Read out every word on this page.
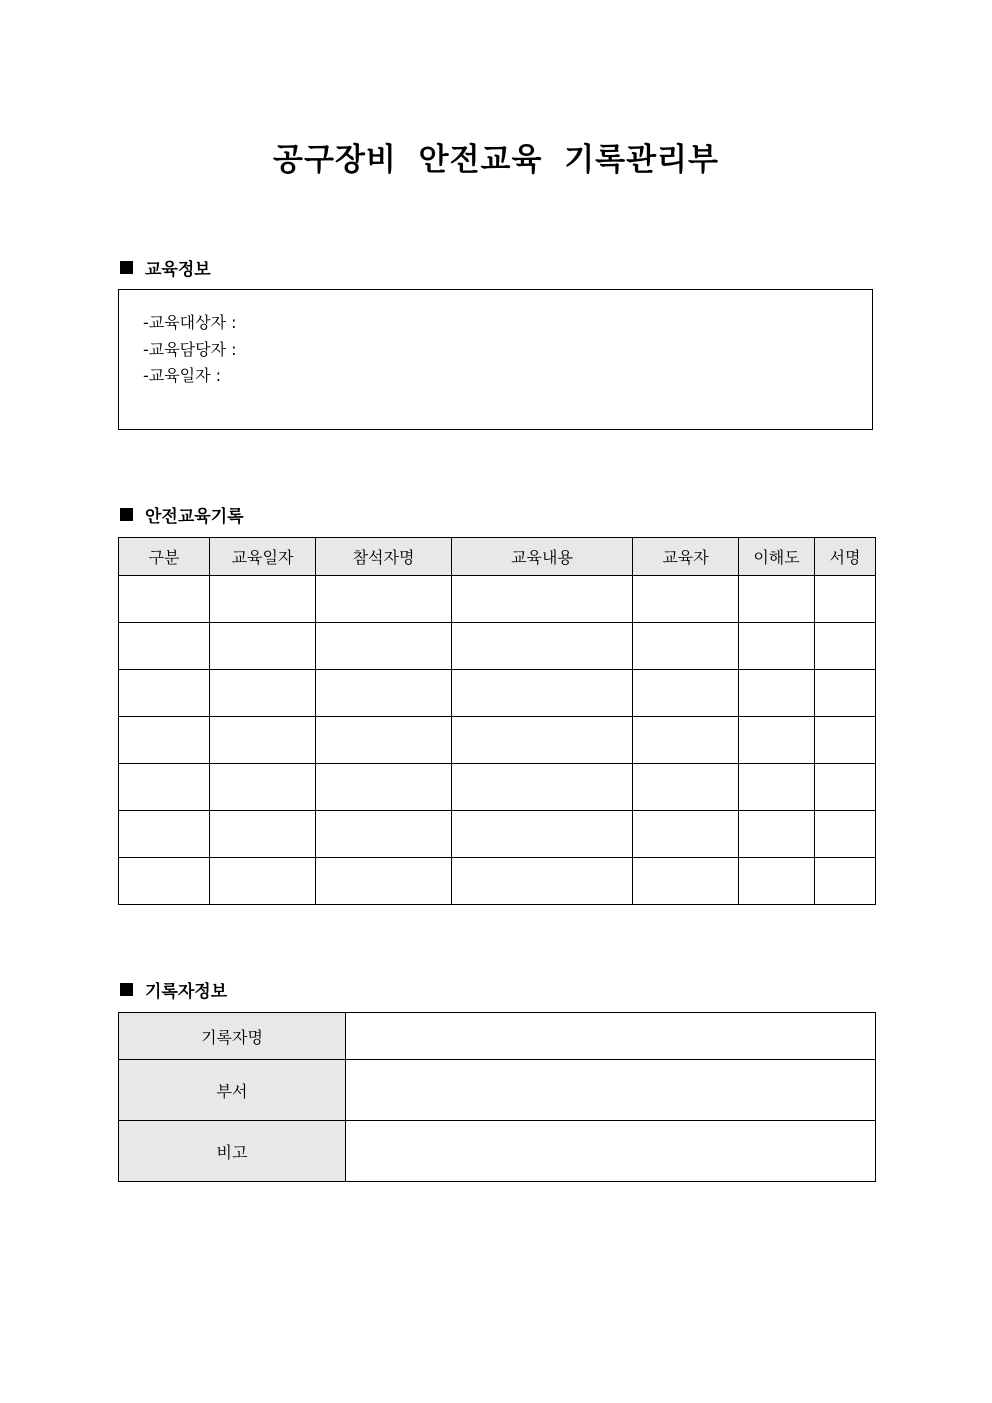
공구장비 안전교육 기록관리부
교육정보
-교육대상자 :
-교육담당자 :
-교육일자 :
안전교육기록
구분	교육일자	참석자명	교육내용	교육자	이해도	서명

기록자정보
기록자명	
부서	
비고	
